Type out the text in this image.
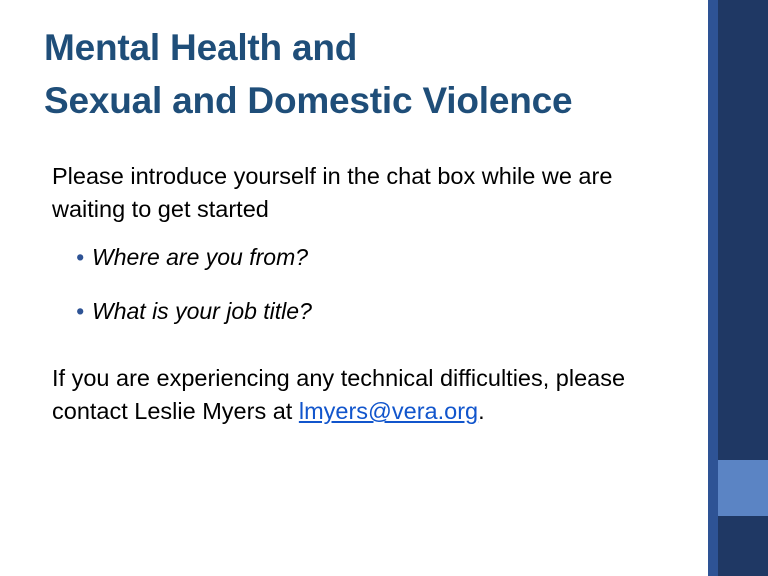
Mental Health and
Sexual and Domestic Violence

Please introduce yourself in the chat box while we are waiting to get started

• Where are you from?
• What is your job title?

If you are experiencing any technical difficulties, please contact Leslie Myers at lmyers@vera.org.
